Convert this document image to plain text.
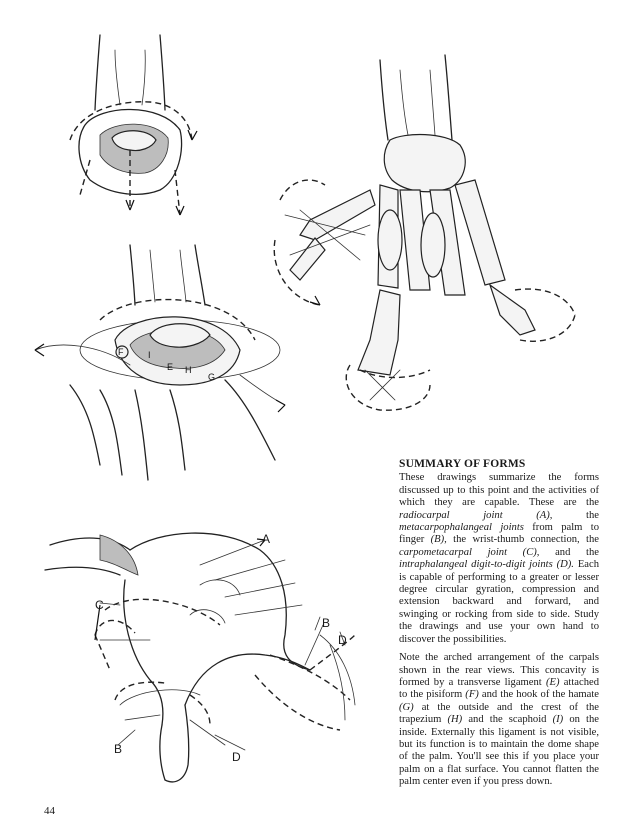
F	I
E H
G
A
C
B
D
B
D
SUMMARY OF FORMS

These drawings summarize the forms discussed up to this point and the activities of which they are capable. These are the radiocarpal joint (A),	the metacarpophalangeal joints from palm to finger (B), the wrist-thumb connection, the carpometacarpal joint (C), and the intraphalangeal digit-to-digit joints (D). Each is capable of performing to a greater or lesser degree circular gyration, compression and extension backward and forward, and swinging or rocking from side to side. Study the drawings and use your own hand to discover the possibilities.

Note the arched arrangement of the carpals shown in the rear views. This concavity is formed by a transverse ligament (E) attached to the pisiform (F) and the hook of the hamate (G) at the outside and the crest of the trapezium (H) and the scaphoid (I) on the inside. Externally this ligament is not visible, but its function is to maintain the dome shape of the palm. You'll see this if you place your palm on a flat surface. You cannot flatten the palm center even if you press down.

44
